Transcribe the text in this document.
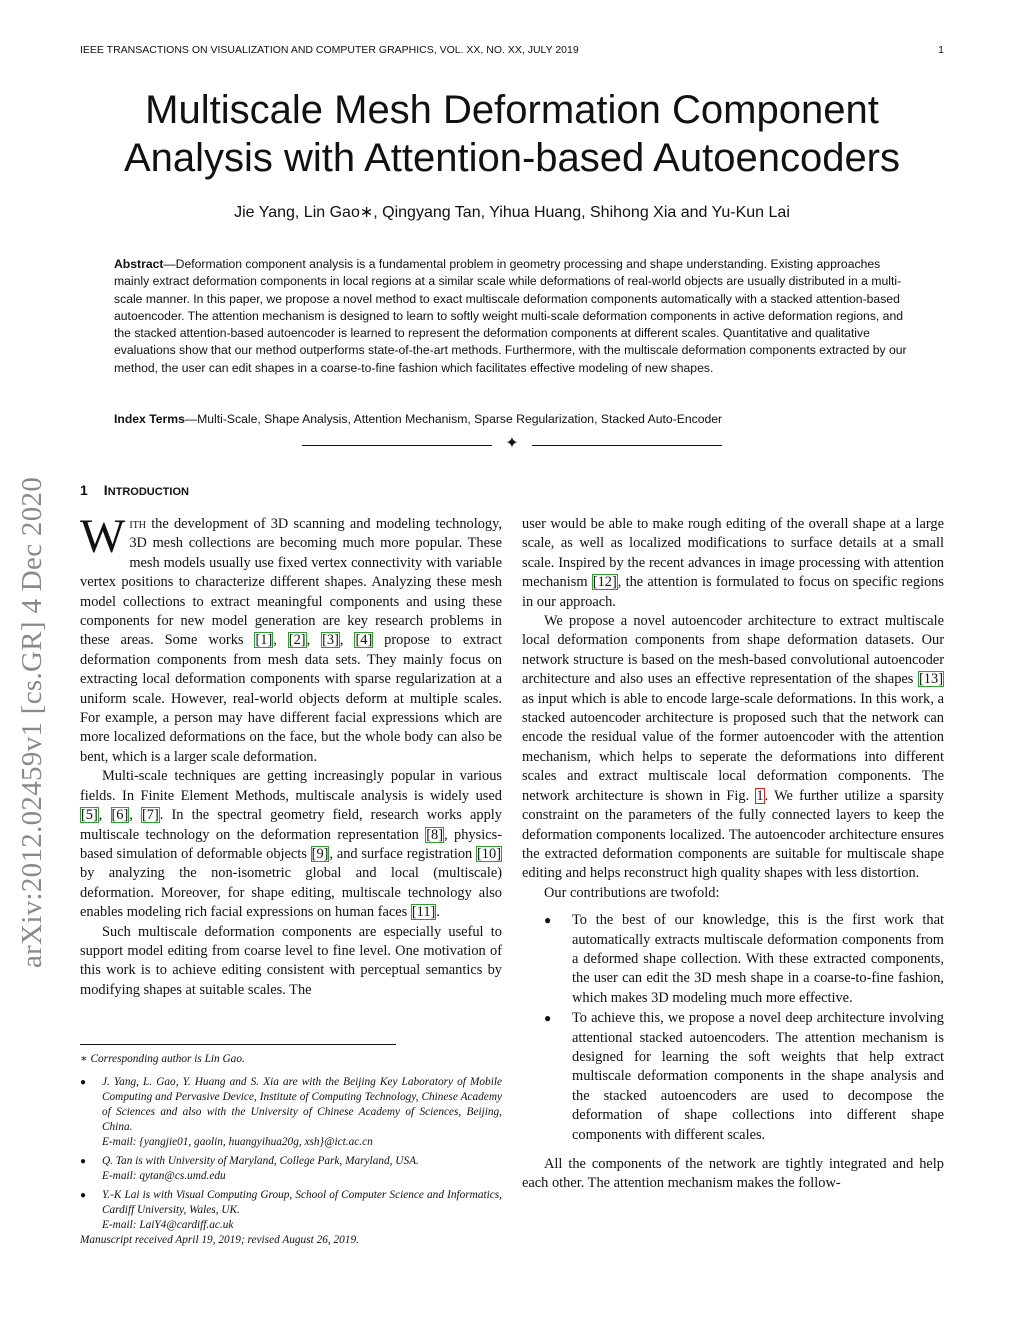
IEEE TRANSACTIONS ON VISUALIZATION AND COMPUTER GRAPHICS, VOL. XX, NO. XX, JULY 2019	1
Multiscale Mesh Deformation Component
Analysis with Attention-based Autoencoders
Jie Yang, Lin Gao∗, Qingyang Tan, Yihua Huang, Shihong Xia and Yu-Kun Lai
Abstract—Deformation component analysis is a fundamental problem in geometry processing and shape understanding. Existing approaches mainly extract deformation components in local regions at a similar scale while deformations of real-world objects are usually distributed in a multi-scale manner. In this paper, we propose a novel method to exact multiscale deformation components automatically with a stacked attention-based autoencoder. The attention mechanism is designed to learn to softly weight multi-scale deformation components in active deformation regions, and the stacked attention-based autoencoder is learned to represent the deformation components at different scales. Quantitative and qualitative evaluations show that our method outperforms state-of-the-art methods. Furthermore, with the multiscale deformation components extracted by our method, the user can edit shapes in a coarse-to-fine fashion which facilitates effective modeling of new shapes.
Index Terms—Multi-Scale, Shape Analysis, Attention Mechanism, Sparse Regularization, Stacked Auto-Encoder
✦
arXiv:2012.02459v1 [cs.GR] 4 Dec 2020 1 INTRODUCTION

With the development of 3D scanning and modeling technology, 3D mesh collections are becoming much more popular. These mesh models usually use fixed vertex connectivity with variable vertex positions to characterize different shapes. Analyzing these mesh model collections to extract meaningful components and using these components for new model generation are key research problems in these areas. Some works [1], [2], [3], [4] propose to extract deformation components from mesh data sets. They mainly focus on extracting local deformation components with sparse regularization at a uniform scale. However, real-world objects deform at multiple scales. For example, a person may have different facial expressions which are more localized deformations on the face, but the whole body can also be bent, which is a larger scale deformation.

Multi-scale techniques are getting increasingly popular in various fields. In Finite Element Methods, multiscale analysis is widely used [5], [6], [7]. In the spectral geometry field, research works apply multiscale technology on the deformation representation [8], physics-based simulation of deformable objects [9], and surface registration [10] by analyzing the non-isometric global and local (multiscale) deformation. Moreover, for shape editing, multiscale technology also enables modeling rich facial expressions on human faces [11].

Such multiscale deformation components are especially useful to support model editing from coarse level to fine level. One motivation of this work is to achieve editing consistent with perceptual semantics by modifying shapes at suitable scales. The

user would be able to make rough editing of the overall shape at a large scale, as well as localized modifications to surface details at a small scale. Inspired by the recent advances in image processing with attention mechanism [12], the attention is formulated to focus on specific regions in our approach.

We propose a novel autoencoder architecture to extract multiscale local deformation components from shape deformation datasets. Our network structure is based on the mesh-based convolutional autoencoder architecture and also uses an effective representation of the shapes [13] as input which is able to encode large-scale deformations. In this work, a stacked autoencoder architecture is proposed such that the network can encode the residual value of the former autoencoder with the attention mechanism, which helps to seperate the deformations into different scales and extract multiscale local deformation components. The network architecture is shown in Fig. 1. We further utilize a sparsity constraint on the parameters of the fully connected layers to keep the deformation components localized. The autoencoder architecture ensures the extracted deformation components are suitable for multiscale shape editing and helps reconstruct high quality shapes with less distortion.

Our contributions are twofold:

● To the best of our knowledge, this is the first work that automatically extracts multiscale deformation components from a deformed shape collection. With these extracted components, the user can edit the 3D mesh shape in a coarse-to-fine fashion, which makes 3D modeling much more effective.
● To achieve this, we propose a novel deep architecture involving attentional stacked autoencoders. The attention mechanism is designed for learning the soft weights that help extract multiscale deformation components in the shape analysis and the stacked autoencoders are used to decompose the deformation of shape collections into different shape components with different scales.

All the components of the network are tightly integrated and help each other. The attention mechanism makes the follow-

∗ Corresponding author is Lin Gao.
● J. Yang, L. Gao, Y. Huang and S. Xia are with the Beijing Key Laboratory of Mobile Computing and Pervasive Device, Institute of Computing Technology, Chinese Academy of Sciences and also with the University of Chinese Academy of Sciences, Beijing, China.
E-mail: {yangjie01, gaolin, huangyihua20g, xsh}@ict.ac.cn
● Q. Tan is with University of Maryland, College Park, Maryland, USA.
E-mail: qytan@cs.umd.edu
● Y.-K Lai is with Visual Computing Group, School of Computer Science and Informatics, Cardiff University, Wales, UK.
E-mail: LaiY4@cardiff.ac.uk
Manuscript received April 19, 2019; revised August 26, 2019.
